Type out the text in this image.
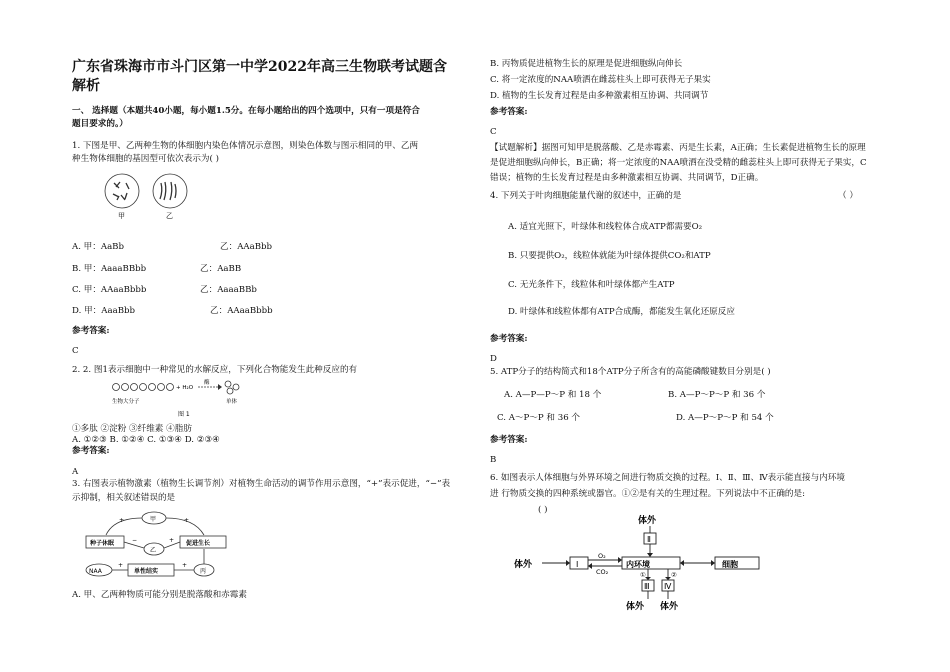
广东省珠海市市斗门区第一中学2022年高三生物联考试题含
解析
一、 选择题（本题共40小题，每小题1.5分。在每小题给出的四个选项中，只有一项是符合
题目要求的。）
1. 下图是甲、乙两种生物的体细胞内染色体情况示意图，则染色体数与图示相同的甲、乙两
种生物体细胞的基因型可依次表示为( )
甲	乙
A. 甲：AaBb	乙：AAaBbb
B. 甲：AaaaBBbb	乙：AaBB
C. 甲：AAaaBbbb	乙：AaaaBBb
D. 甲：AaaBbb	乙：AAaaBbbb
参考答案:
C
2. 2. 图1表示细胞中一种常见的水解反应，下列化合物能发生此种反应的有
生物大分子
+ H₂O
酶
单体
图 1
①多肽 ②淀粉 ③纤维素 ④脂肪
A. ①②③ B. ①②④ C. ①③④ D. ②③④
参考答案:
A
3. 右图表示植物激素（植物生长调节剂）对植物生命活动的调节作用示意图，“+”表示促进，“−”表
示抑制，相关叙述错误的是
甲
乙
丙
种子休眠	促进生长
NAA	单性结实
+	+
−	+
+	+
A. 甲、乙两种物质可能分别是脱落酸和赤霉素
B. 丙物质促进植物生长的原理是促进细胞纵向伸长
C. 将一定浓度的NAA喷洒在雌蕊柱头上即可获得无子果实
D. 植物的生长发育过程是由多种激素相互协调、共同调节
参考答案:
C
【试题解析】据图可知甲是脱落酸、乙是赤霉素、丙是生长素，A正确；生长素促进植物生长的原理
是促进细胞纵向伸长，B正确；将一定浓度的NAA喷洒在没受精的雌蕊柱头上即可获得无子果实，C
错误；植物的生长发育过程是由多种激素相互协调、共同调节，D正确。
4. 下列关于叶肉细胞能量代谢的叙述中，正确的是	（ ）
A. 适宜光照下，叶绿体和线粒体合成ATP都需要O₂
B. 只要提供O₂，线粒体就能为叶绿体提供CO₂和ATP
C. 无光条件下，线粒体和叶绿体都产生ATP
D. 叶绿体和线粒体都有ATP合成酶，都能发生氧化还原反应
参考答案:
D
5. ATP分子的结构简式和18个ATP分子所含有的高能磷酸键数目分别是( )
A. A—P—P～P 和 18 个	B. A—P～P～P 和 36 个
C. A～P～P 和 36 个	D. A—P～P～P 和 54 个
参考答案:
B
6. 如图表示人体细胞与外界环境之间进行物质交换的过程。Ⅰ、Ⅱ、Ⅲ、Ⅳ表示能直接与内环境
进 行物质交换的四种系统或器官。①②是有关的生理过程。下列说法中不正确的是:
( )
体外
体外
体外 体外
Ⅱ
Ⅰ	内环境	细胞
Ⅲ Ⅳ
O₂
CO₂	①	②
